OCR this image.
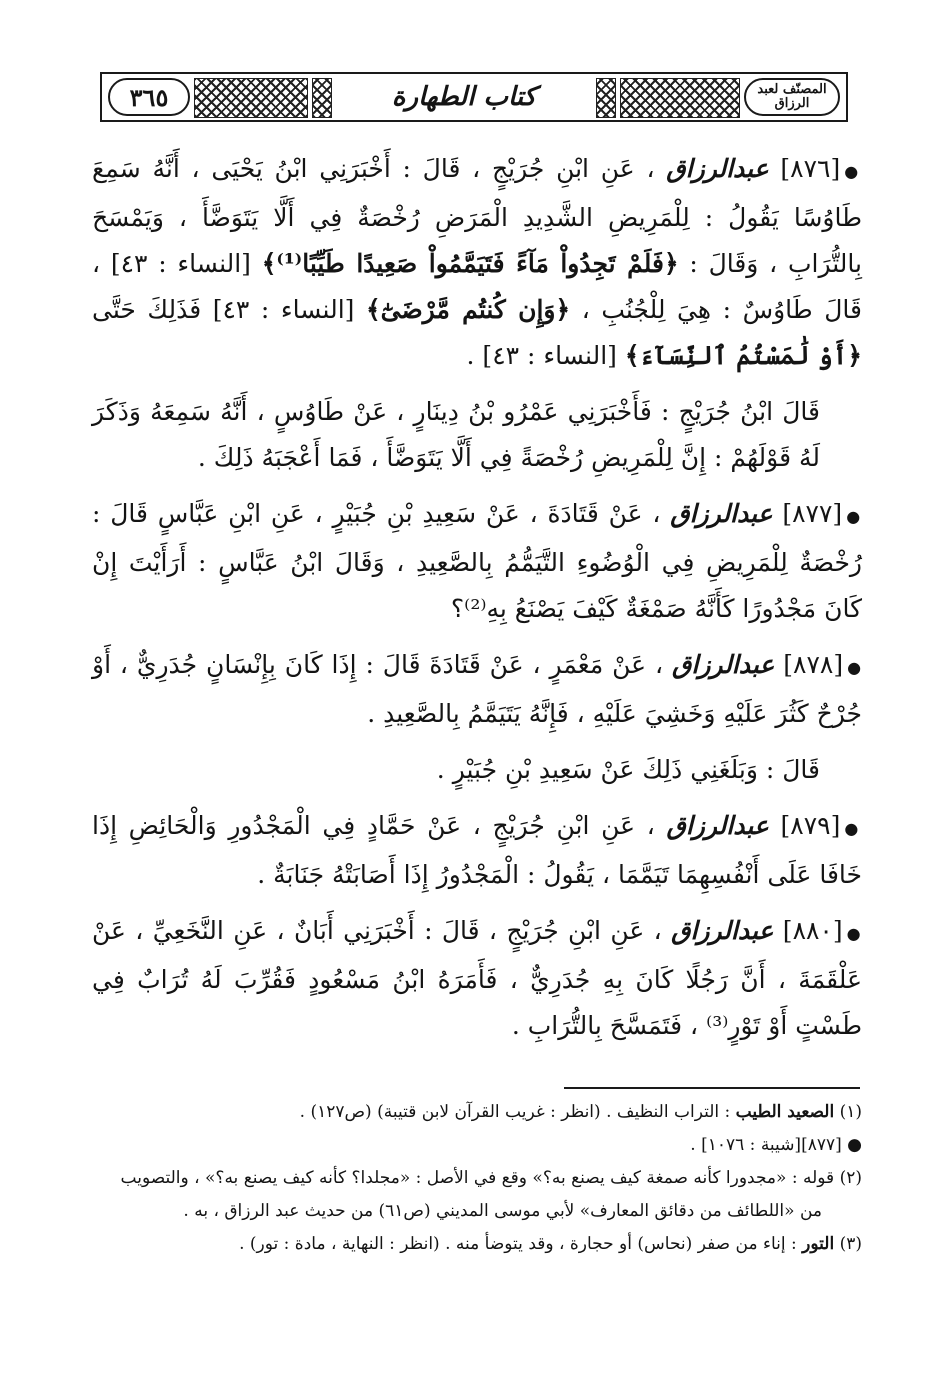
٣٦٥	كتاب الطهارة	المصنّف لعبد الرزاق

●[٨٧٦] عبدالرزاق ، عَنِ ابْنِ جُرَيْجٍ ، قَالَ : أَخْبَرَنِي ابْنُ يَحْيَى ، أَنَّهُ سَمِعَ طَاوُسًا يَقُولُ : لِلْمَرِيضِ الشَّدِيدِ الْمَرَضِ رُخْصَةٌ فِي أَلَّا يَتَوَضَّأَ ، وَيَمْسَحَ بِالتُّرَابِ ، وَقَالَ : ﴿فَلَمْ تَجِدُواْ مَآءً فَتَيَمَّمُواْ صَعِيدًا طَيِّبًا⁽¹⁾﴾ [النساء : ٤٣] ، قَالَ طَاوُسٌ : هِيَ لِلْجُنُبِ ، ﴿وَإِن كُنتُم مَّرْضَىٰٓ﴾ [النساء : ٤٣] فَذَلِكَ حَتَّى ﴿أَوْ لَٰمَسْتُمُ ٱلنِّسَآءَ﴾ [النساء : ٤٣] .

قَالَ ابْنُ جُرَيْجٍ : فَأَخْبَرَنِي عَمْرُو بْنُ دِينَارٍ ، عَنْ طَاوُسٍ ، أَنَّهُ سَمِعَهُ وَذَكَرَ لَهُ قَوْلَهُمْ : إِنَّ لِلْمَرِيضِ رُخْصَةً فِي أَلَّا يَتَوَضَّأَ ، فَمَا أَعْجَبَهُ ذَلِكَ .

●[٨٧٧] عبدالرزاق ، عَنْ قَتَادَةَ ، عَنْ سَعِيدِ بْنِ جُبَيْرٍ ، عَنِ ابْنِ عَبَّاسٍ قَالَ : رُخْصَةٌ لِلْمَرِيضِ فِي الْوُضُوءِ التَّيَمُّمُ بِالصَّعِيدِ ، وَقَالَ ابْنُ عَبَّاسٍ : أَرَأَيْتَ إِنْ كَانَ مَجْدُورًا كَأَنَّهُ صَمْغَةٌ كَيْفَ يَصْنَعُ بِهِ⁽²⁾؟

●[٨٧٨] عبدالرزاق ، عَنْ مَعْمَرٍ ، عَنْ قَتَادَةَ قَالَ : إِذَا كَانَ بِإِنْسَانٍ جُدَرِيٌّ ، أَوْ جُرْحٌ كَثُرَ عَلَيْهِ وَخَشِيَ عَلَيْهِ ، فَإِنَّهُ يَتَيَمَّمُ بِالصَّعِيدِ .

قَالَ : وَبَلَغَنِي ذَلِكَ عَنْ سَعِيدِ بْنِ جُبَيْرٍ .

●[٨٧٩] عبدالرزاق ، عَنِ ابْنِ جُرَيْجٍ ، عَنْ حَمَّادٍ فِي الْمَجْدُورِ وَالْحَائِضِ إِذَا خَافَا عَلَى أَنْفُسِهِمَا تَيَمَّمَا ، يَقُولُ : الْمَجْدُورُ إِذَا أَصَابَتْهُ جَنَابَةٌ .

●[٨٨٠] عبدالرزاق ، عَنِ ابْنِ جُرَيْجٍ ، قَالَ : أَخْبَرَنِي أَبَانٌ ، عَنِ النَّخَعِيِّ ، عَنْ عَلْقَمَةَ ، أَنَّ رَجُلًا كَانَ بِهِ جُدَرِيٌّ ، فَأَمَرَهُ ابْنُ مَسْعُودٍ فَقُرِّبَ لَهُ تُرَابٌ فِي طَسْتٍ أَوْ تَوْرٍ⁽³⁾ ، فَتَمَسَّحَ بِالتُّرَابِ .

(١) الصعيد الطيب : التراب النظيف . (انظر : غريب القرآن لابن قتيبة) (ص١٢٧) .

● [٨٧٧][شيبة : ١٠٧٦] .

(٢) قوله : «مجدورا كأنه صمغة كيف يصنع به؟» وقع في الأصل : «مجلدا؟ كأنه كيف يصنع به؟» ، والتصويب

من «اللطائف من دقائق المعارف» لأبي موسى المديني (ص٦١) من حديث عبد الرزاق ، به .

(٣) التور : إناء من صفر (نحاس) أو حجارة ، وقد يتوضأ منه . (انظر : النهاية ، مادة : تور) .
